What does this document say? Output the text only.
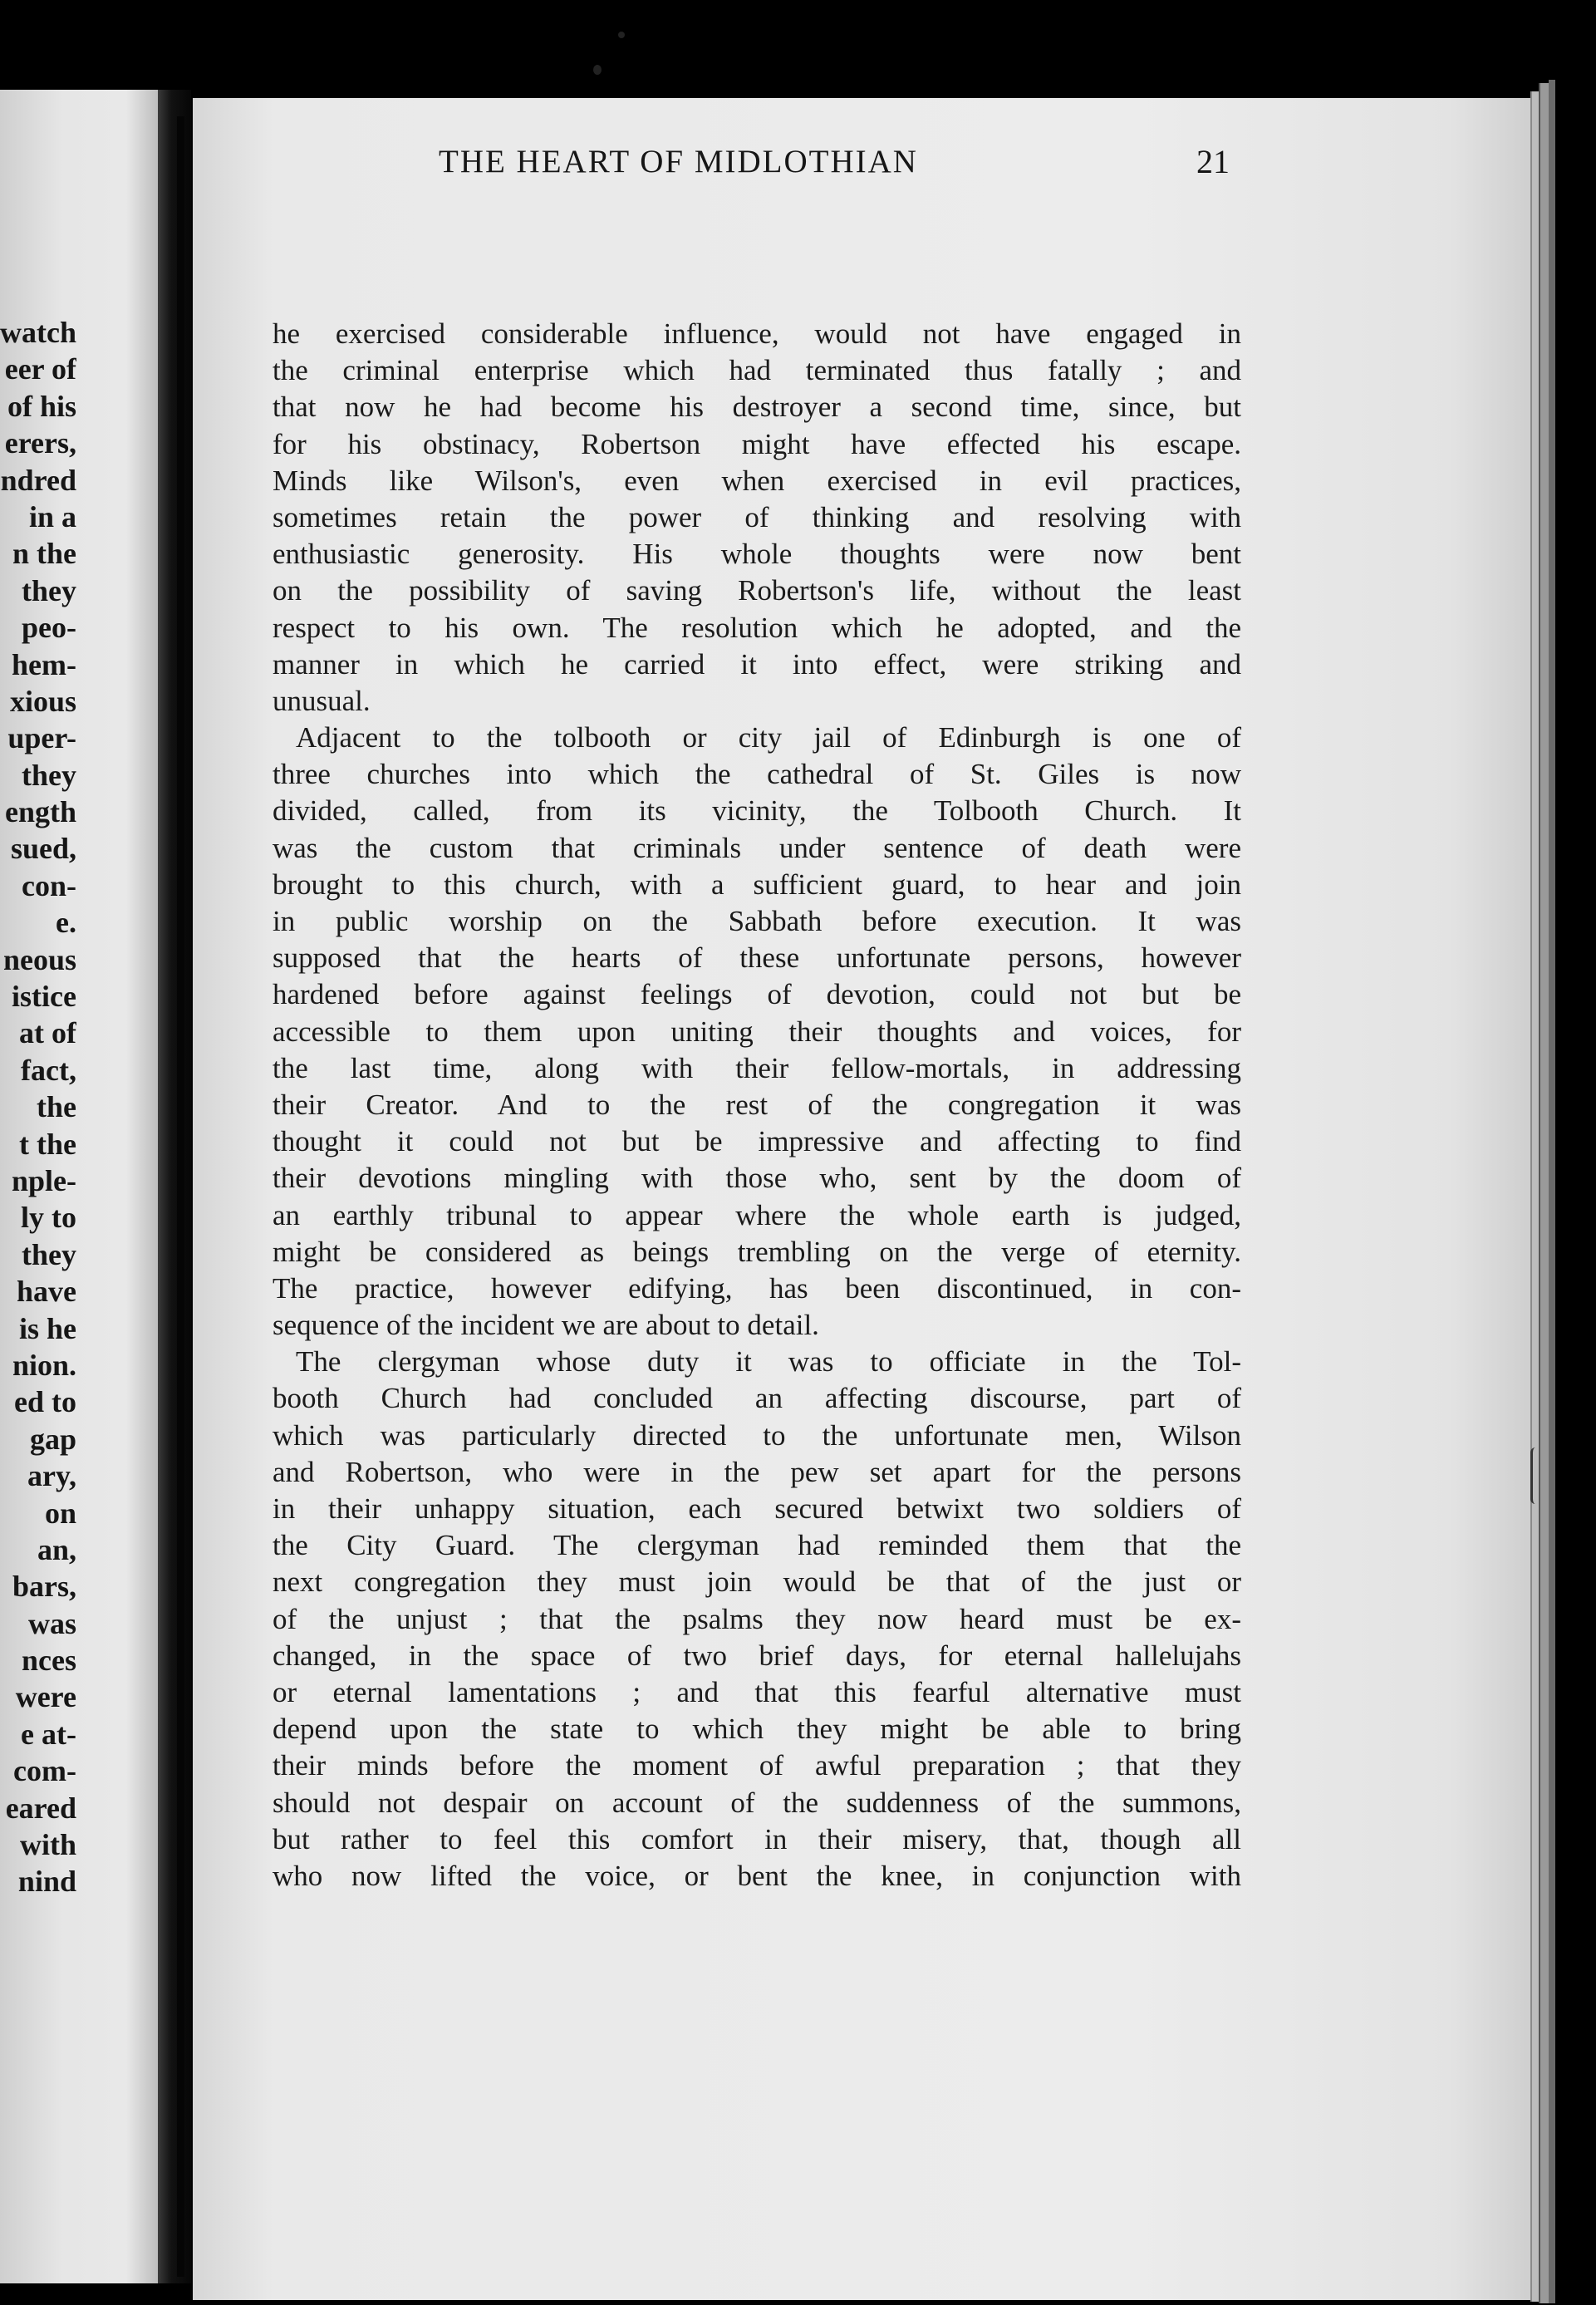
watch
eer of
of his
erers,
ndred
in a
n the
they
peo-
hem-
xious
uper-
they
ength
sued,
con-
e.
neous
istice
at of
fact,
the
t the
nple-
ly to
they
have
is he
nion.
ed to
gap
ary,
on
an,
bars,
was
nces
were
e at-
com-
eared
with
nind
THE HEART OF MIDLOTHIAN	21
he exercised considerable influence, would not have engaged in
the criminal enterprise which had terminated thus fatally ; and
that now he had become his destroyer a second time, since, but
for his obstinacy, Robertson might have effected his escape.
Minds like Wilson's, even when exercised in evil practices,
sometimes retain the power of thinking and resolving with
enthusiastic generosity. His whole thoughts were now bent
on the possibility of saving Robertson's life, without the least
respect to his own. The resolution which he adopted, and the
manner in which he carried it into effect, were striking and
unusual.
Adjacent to the tolbooth or city jail of Edinburgh is one of
three churches into which the cathedral of St. Giles is now
divided, called, from its vicinity, the Tolbooth Church. It
was the custom that criminals under sentence of death were
brought to this church, with a sufficient guard, to hear and join
in public worship on the Sabbath before execution. It was
supposed that the hearts of these unfortunate persons, however
hardened before against feelings of devotion, could not but be
accessible to them upon uniting their thoughts and voices, for
the last time, along with their fellow-mortals, in addressing
their Creator. And to the rest of the congregation it was
thought it could not but be impressive and affecting to find
their devotions mingling with those who, sent by the doom of
an earthly tribunal to appear where the whole earth is judged,
might be considered as beings trembling on the verge of eternity.
The practice, however edifying, has been discontinued, in con-
sequence of the incident we are about to detail.
The clergyman whose duty it was to officiate in the Tol-
booth Church had concluded an affecting discourse, part of
which was particularly directed to the unfortunate men, Wilson
and Robertson, who were in the pew set apart for the persons
in their unhappy situation, each secured betwixt two soldiers of
the City Guard. The clergyman had reminded them that the
next congregation they must join would be that of the just or
of the unjust ; that the psalms they now heard must be ex-
changed, in the space of two brief days, for eternal hallelujahs
or eternal lamentations ; and that this fearful alternative must
depend upon the state to which they might be able to bring
their minds before the moment of awful preparation ; that they
should not despair on account of the suddenness of the summons,
but rather to feel this comfort in their misery, that, though all
who now lifted the voice, or bent the knee, in conjunction with
